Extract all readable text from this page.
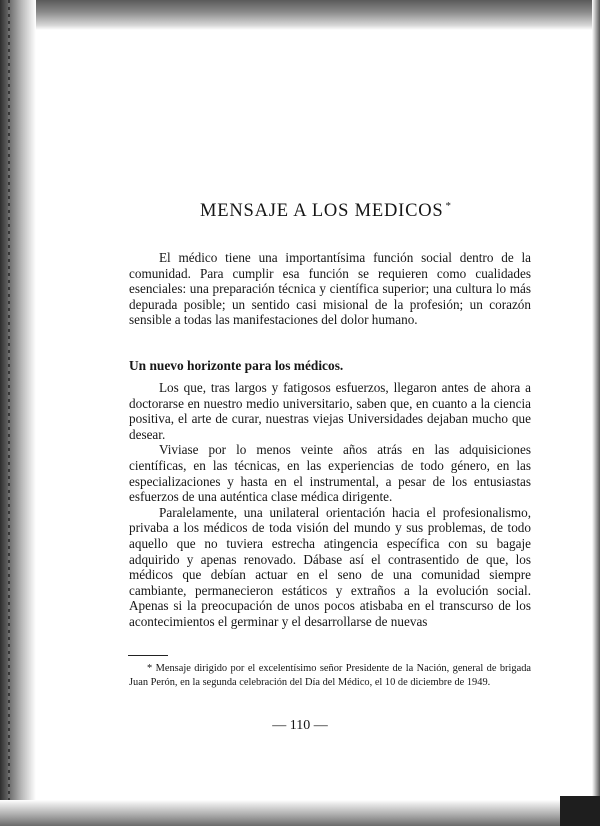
MENSAJE A LOS MEDICOS *

El médico tiene una importantísima función social dentro de la comunidad. Para cumplir esa función se requieren como cualidades esenciales: una preparación técnica y científica superior; una cultura lo más depurada posible; un sentido casi misional de la profesión; un corazón sensible a todas las manifestaciones del dolor humano.

Un nuevo horizonte para los médicos.

Los que, tras largos y fatigosos esfuerzos, llegaron antes de ahora a doctorarse en nuestro medio universitario, saben que, en cuanto a la ciencia positiva, el arte de curar, nuestras viejas Universidades dejaban mucho que desear.

Viviase por lo menos veinte años atrás en las adquisiciones científicas, en las técnicas, en las experiencias de todo género, en las especializaciones y hasta en el instrumental, a pesar de los entusiastas esfuerzos de una auténtica clase médica dirigente.

Paralelamente, una unilateral orientación hacia el profesionalismo, privaba a los médicos de toda visión del mundo y sus problemas, de todo aquello que no tuviera estrecha atingencia específica con su bagaje adquirido y apenas renovado. Dábase así el contrasentido de que, los médicos que debían actuar en el seno de una comunidad siempre cambiante, permanecieron estáticos y extraños a la evolución social. Apenas si la preocupación de unos pocos atisbaba en el transcurso de los acontecimientos el germinar y el desarrollarse de nuevas

* Mensaje dirigido por el excelentísimo señor Presidente de la Nación, general de brigada Juan Perón, en la segunda celebración del Día del Médico, el 10 de diciembre de 1949.

— 110 —
